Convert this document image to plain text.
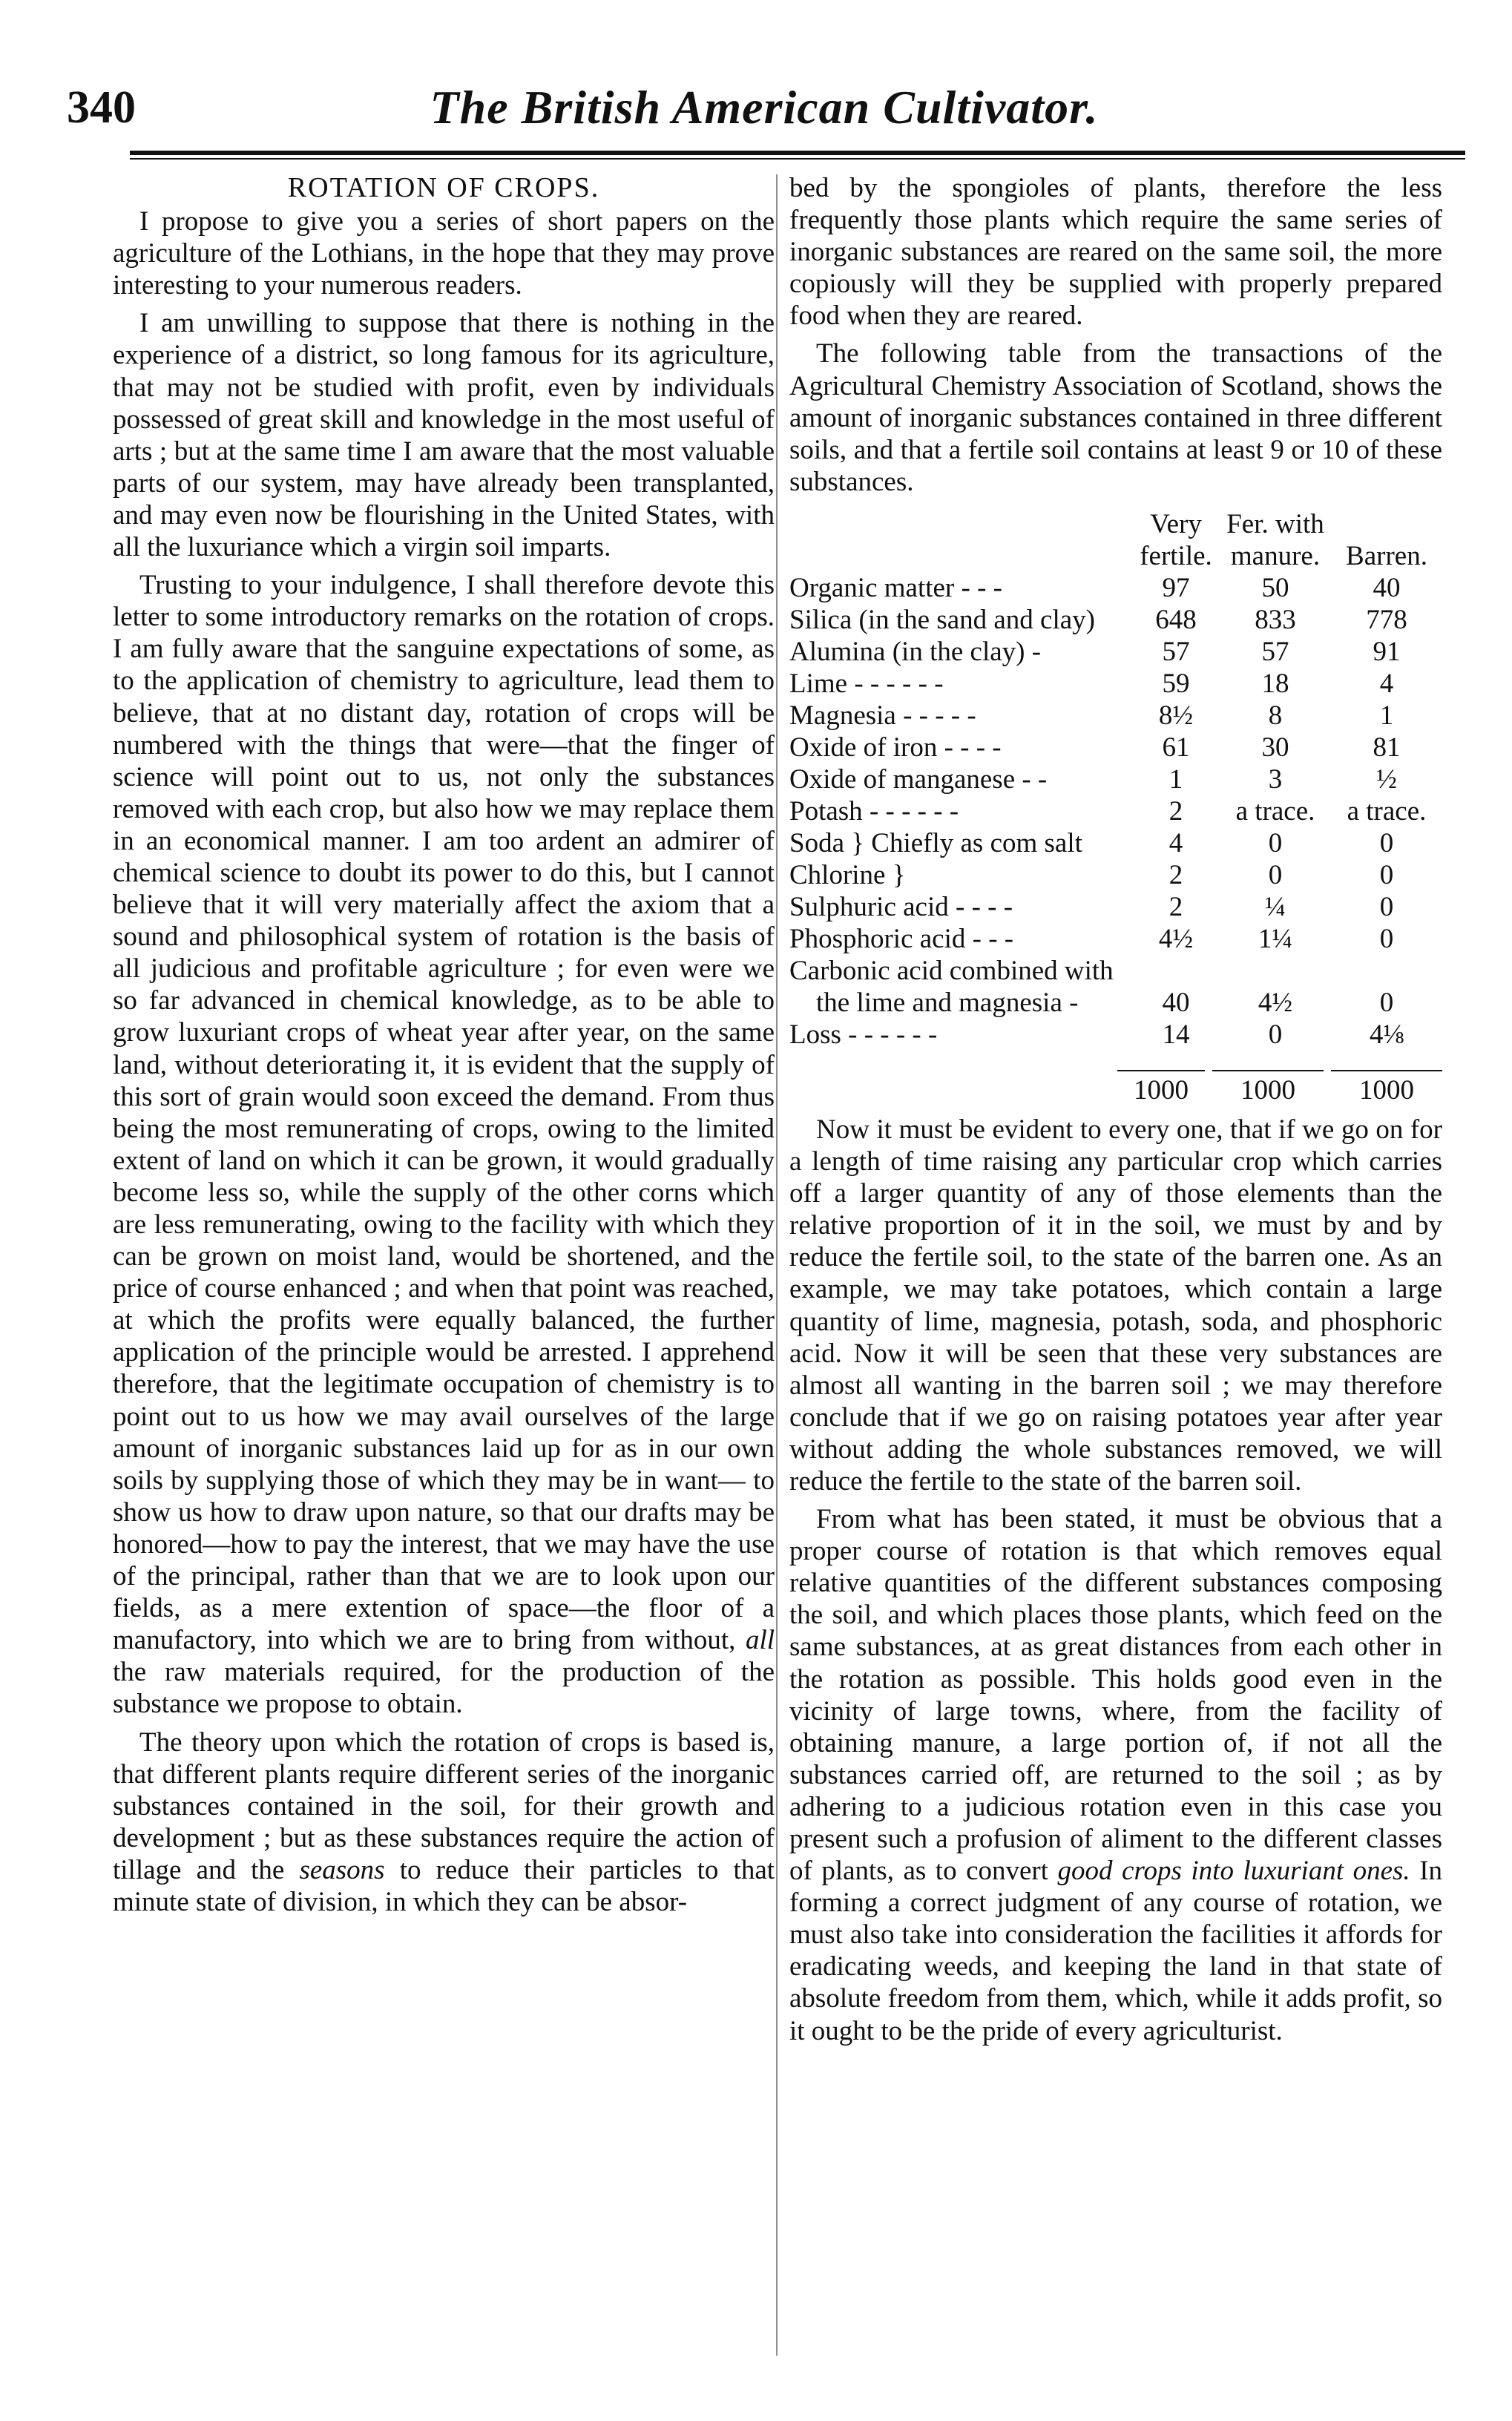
340	The British American Cultivator.
ROTATION OF CROPS.

I propose to give you a series of short papers on the agriculture of the Lothians, in the hope that they may prove interesting to your numerous readers.

I am unwilling to suppose that there is nothing in the experience of a district, so long famous for its agriculture, that may not be studied with profit, even by individuals possessed of great skill and knowledge in the most useful of arts ; but at the same time I am aware that the most valuable parts of our system, may have already been transplanted, and may even now be flourishing in the United States, with all the luxuriance which a virgin soil imparts.

Trusting to your indulgence, I shall therefore devote this letter to some introductory remarks on the rotation of crops. I am fully aware that the sanguine expectations of some, as to the application of chemistry to agriculture, lead them to believe, that at no distant day, rotation of crops will be numbered with the things that were—that the finger of science will point out to us, not only the substances removed with each crop, but also how we may replace them in an economical manner. I am too ardent an admirer of chemical science to doubt its power to do this, but I cannot believe that it will very materially affect the axiom that a sound and philosophical system of rotation is the basis of all judicious and profitable agriculture ; for even were we so far advanced in chemical knowledge, as to be able to grow luxuriant crops of wheat year after year, on the same land, without deteriorating it, it is evident that the supply of this sort of grain would soon exceed the demand. From thus being the most remunerating of crops, owing to the limited extent of land on which it can be grown, it would gradually become less so, while the supply of the other corns which are less remunerating, owing to the facility with which they can be grown on moist land, would be shortened, and the price of course enhanced ; and when that point was reached, at which the profits were equally balanced, the further application of the principle would be arrested. I apprehend therefore, that the legitimate occupation of chemistry is to point out to us how we may avail ourselves of the large amount of inorganic substances laid up for as in our own soils by supplying those of which they may be in want— to show us how to draw upon nature, so that our drafts may be honored—how to pay the interest, that we may have the use of the principal, rather than that we are to look upon our fields, as a mere extention of space—the floor of a manufactory, into which we are to bring from without, all the raw materials required, for the production of the substance we propose to obtain.

The theory upon which the rotation of crops is based is, that different plants require different series of the inorganic substances contained in the soil, for their growth and development ; but as these substances require the action of tillage and the seasons to reduce their particles to that minute state of division, in which they can be absor-

bed by the spongioles of plants, therefore the less frequently those plants which require the same series of inorganic substances are reared on the same soil, the more copiously will they be supplied with properly prepared food when they are reared.

The following table from the transactions of the Agricultural Chemistry Association of Scotland, shows the amount of inorganic substances contained in three different soils, and that a fertile soil contains at least 9 or 10 of these substances.

Very Fer. with
fertile. manure. Barren.
Organic matter - - -	97	50	40
Silica (in the sand and clay)	648	833	778
Alumina (in the clay) -	57	57	91
Lime - - - - - -	59	18	4
Magnesia - - - - -	8½	8	1
Oxide of iron - - - -	61	30	81
Oxide of manganese - -	1	3	½
Potash - - - - - -	2	a trace.	a trace.
Soda } Chiefly as com salt	4	0	0
Chlorine }	2	0	0
Sulphuric acid - - - -	2	¼	0
Phosphoric acid - - -	4½	1¼	0
Carbonic acid combined with
the lime and magnesia -	40	4½	0
Loss - - - - - -	14	0	4⅛
1000	1000	1000

Now it must be evident to every one, that if we go on for a length of time raising any particular crop which carries off a larger quantity of any of those elements than the relative proportion of it in the soil, we must by and by reduce the fertile soil, to the state of the barren one. As an example, we may take potatoes, which contain a large quantity of lime, magnesia, potash, soda, and phosphoric acid. Now it will be seen that these very substances are almost all wanting in the barren soil ; we may therefore conclude that if we go on raising potatoes year after year without adding the whole substances removed, we will reduce the fertile to the state of the barren soil.

From what has been stated, it must be obvious that a proper course of rotation is that which removes equal relative quantities of the different substances composing the soil, and which places those plants, which feed on the same substances, at as great distances from each other in the rotation as possible. This holds good even in the vicinity of large towns, where, from the facility of obtaining manure, a large portion of, if not all the substances carried off, are returned to the soil ; as by adhering to a judicious rotation even in this case you present such a profusion of aliment to the different classes of plants, as to convert good crops into luxuriant ones. In forming a correct judgment of any course of rotation, we must also take into consideration the facilities it affords for eradicating weeds, and keeping the land in that state of absolute freedom from them, which, while it adds profit, so it ought to be the pride of every agriculturist.
